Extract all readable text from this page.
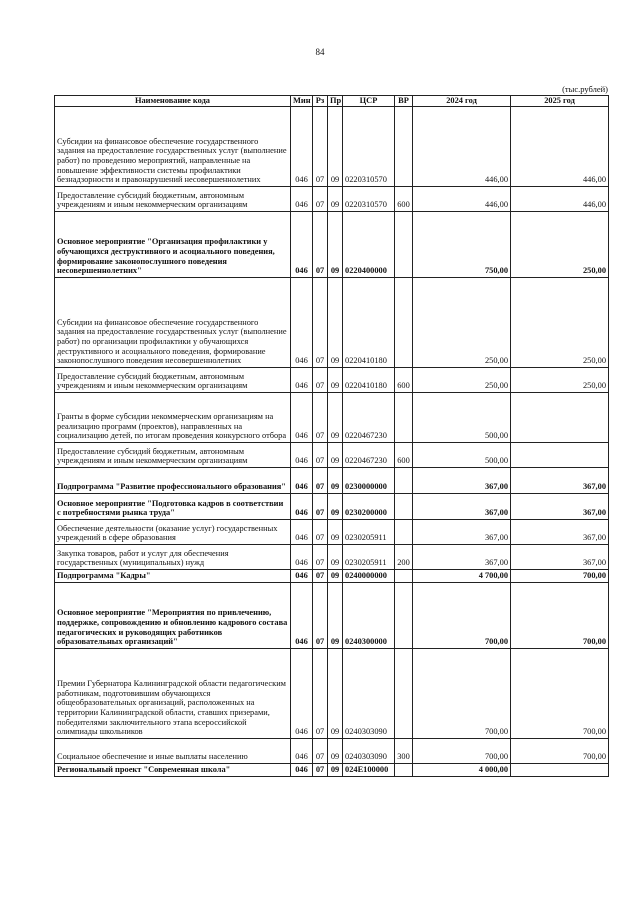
84
(тыс.рублей)
Наименование кода	Мин	Рз	Пр	ЦСР	ВР	2024 год	2025 год
Субсидии на финансовое обеспечение государственного задания на предоставление государственных услуг (выполнение работ) по проведению мероприятий, направленные на повышение эффективности системы профилактики безнадзорности и правонарушений несовершеннолетних	046	07	09	0220310570		446,00	446,00
Предоставление субсидий бюджетным, автономным учреждениям и иным некоммерческим организациям	046	07	09	0220310570	600	446,00	446,00
Основное мероприятие "Организация профилактики у обучающихся деструктивного и асоциального поведения, формирование законопослушного поведения несовершеннолетних"	046	07	09	0220400000		750,00	250,00
Субсидии на финансовое обеспечение государственного задания на предоставление государственных услуг (выполнение работ) по организации профилактики у обучающихся деструктивного и асоциального поведения, формирование законопослушного поведения несовершеннолетних	046	07	09	0220410180		250,00	250,00
Предоставление субсидий бюджетным, автономным учреждениям и иным некоммерческим организациям	046	07	09	0220410180	600	250,00	250,00
Гранты в форме субсидии некоммерческим организациям на реализацию программ (проектов), направленных на социализацию детей, по итогам проведения конкурсного отбора	046	07	09	0220467230		500,00	
Предоставление субсидий бюджетным, автономным учреждениям и иным некоммерческим организациям	046	07	09	0220467230	600	500,00	
Подпрограмма "Развитие профессионального образования"	046	07	09	0230000000		367,00	367,00
Основное мероприятие "Подготовка кадров в соответствии с потребностями рынка труда"	046	07	09	0230200000		367,00	367,00
Обеспечение деятельности (оказание услуг) государственных учреждений в сфере образования	046	07	09	0230205911		367,00	367,00
Закупка товаров, работ и услуг для обеспечения государственных (муниципальных) нужд	046	07	09	0230205911	200	367,00	367,00
Подпрограмма "Кадры"	046	07	09	0240000000		4 700,00	700,00
Основное мероприятие "Мероприятия по привлечению, поддержке, сопровождению и обновлению кадрового состава педагогических и руководящих работников образовательных организаций"	046	07	09	0240300000		700,00	700,00
Премии Губернатора Калининградской области педагогическим работникам, подготовившим обучающихся общеобразовательных организаций, расположенных на территории Калининградской области, ставших призерами, победителями заключительного этапа всероссийской олимпиады школьников	046	07	09	0240303090		700,00	700,00
Социальное обеспечение и иные выплаты населению	046	07	09	0240303090	300	700,00	700,00
Региональный проект "Современная школа"	046	07	09	024E100000		4 000,00	
